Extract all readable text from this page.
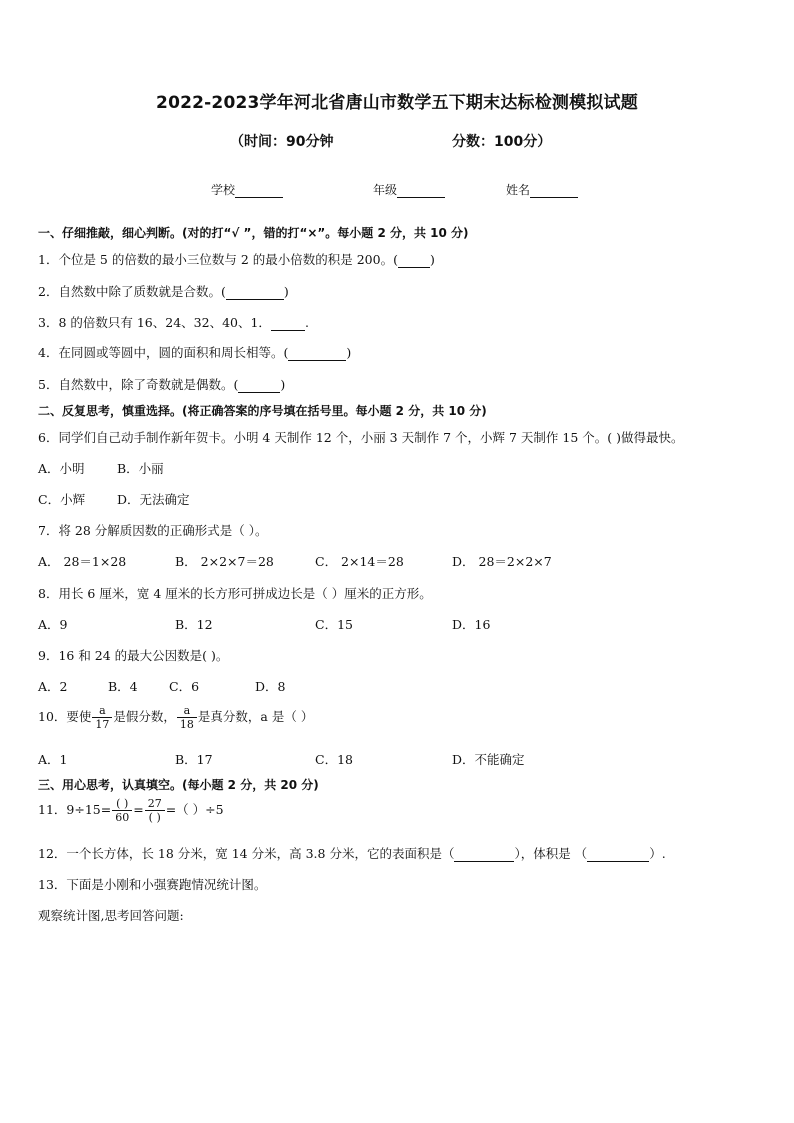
2022-2023学年河北省唐山市数学五下期末达标检测模拟试题
（时间：90分钟	分数：100分）
学校	年级	姓名
一、仔细推敲，细心判断。(对的打“√ ”，错的打“×”。每小题 2 分，共 10 分)
1．个位是 5 的倍数的最小三位数与 2 的最小倍数的积是 200。(	)
2．自然数中除了质数就是合数。(	)
3．8 的倍数只有 16、24、32、40、1．	.
4．在同圆或等圆中，圆的面积和周长相等。(	)
5．自然数中，除了奇数就是偶数。(	)
二、反复思考，慎重选择。(将正确答案的序号填在括号里。每小题 2 分，共 10 分)
6．同学们自己动手制作新年贺卡。小明 4 天制作 12 个，小丽 3 天制作 7 个，小辉 7 天制作 15 个。( )做得最快。
A．小明	B．小丽
C．小辉	D．无法确定
7．将 28 分解质因数的正确形式是（ ）。
A． 28＝1×28	B． 2×2×7＝28	C． 2×14＝28	D． 28＝2×2×7
8．用长 6 厘米，宽 4 厘米的长方形可拼成边长是（ ）厘米的正方形。
A．9	B．12	C．15	D．16
9．16 和 24 的最大公因数是( )。
A．2	B．4	C．6	D．8
10．要使 $\frac{a}{17}$ 是假分数， $\frac{a}{18}$ 是真分数，a 是（ ）
A．1	B．17	C．18	D．不能确定
三、用心思考，认真填空。(每小题 2 分，共 20 分)
11．$9\div 15= \frac{( )}{60} = \frac{27}{( )}$ =（ ）÷5
12．一个长方体，长 18 分米，宽 14 分米，高 3.8 分米，它的表面积是（	），体积是 （	）.
13．下面是小刚和小强赛跑情况统计图。
观察统计图,思考回答问题:
